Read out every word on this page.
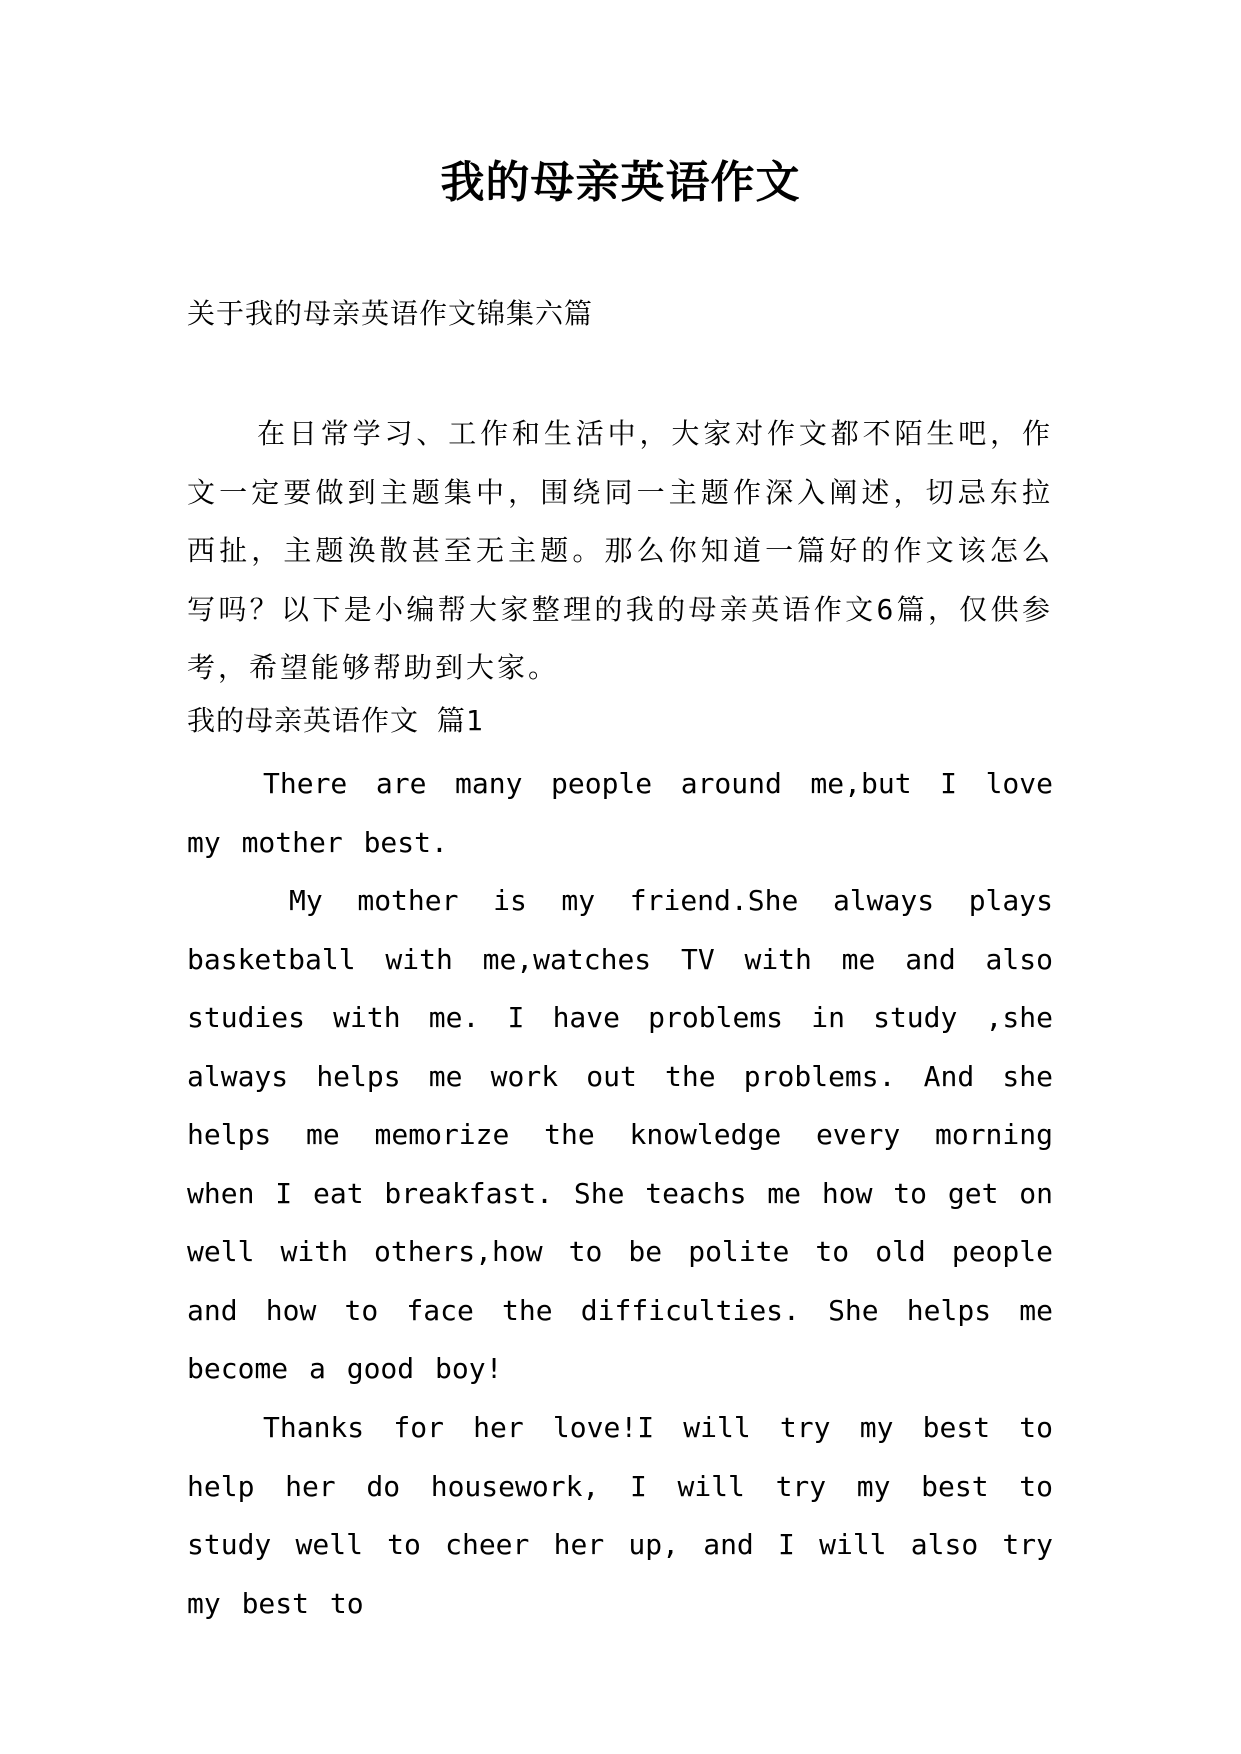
我的母亲英语作文
关于我的母亲英语作文锦集六篇
在日常学习、工作和生活中，大家对作文都不陌生吧，作文一定要做到主题集中，围绕同一主题作深入阐述，切忌东拉西扯，主题涣散甚至无主题。那么你知道一篇好的作文该怎么写吗？以下是小编帮大家整理的我的母亲英语作文6篇，仅供参考，希望能够帮助到大家。
我的母亲英语作文 篇1
There are many people around me,but I love my mother best.
My mother is my friend.She always plays basketball with me,watches TV with me and also studies with me. I have problems in study ,she always helps me work out the problems. And she helps me memorize the knowledge every morning when I eat breakfast. She teachs me how to get on well with others,how to be polite to old people and how to face the difficulties. She helps me become a good boy!
Thanks for her love!I will try my best to help her do housework, I will try my best to study well to cheer her up, and I will also try my best to
